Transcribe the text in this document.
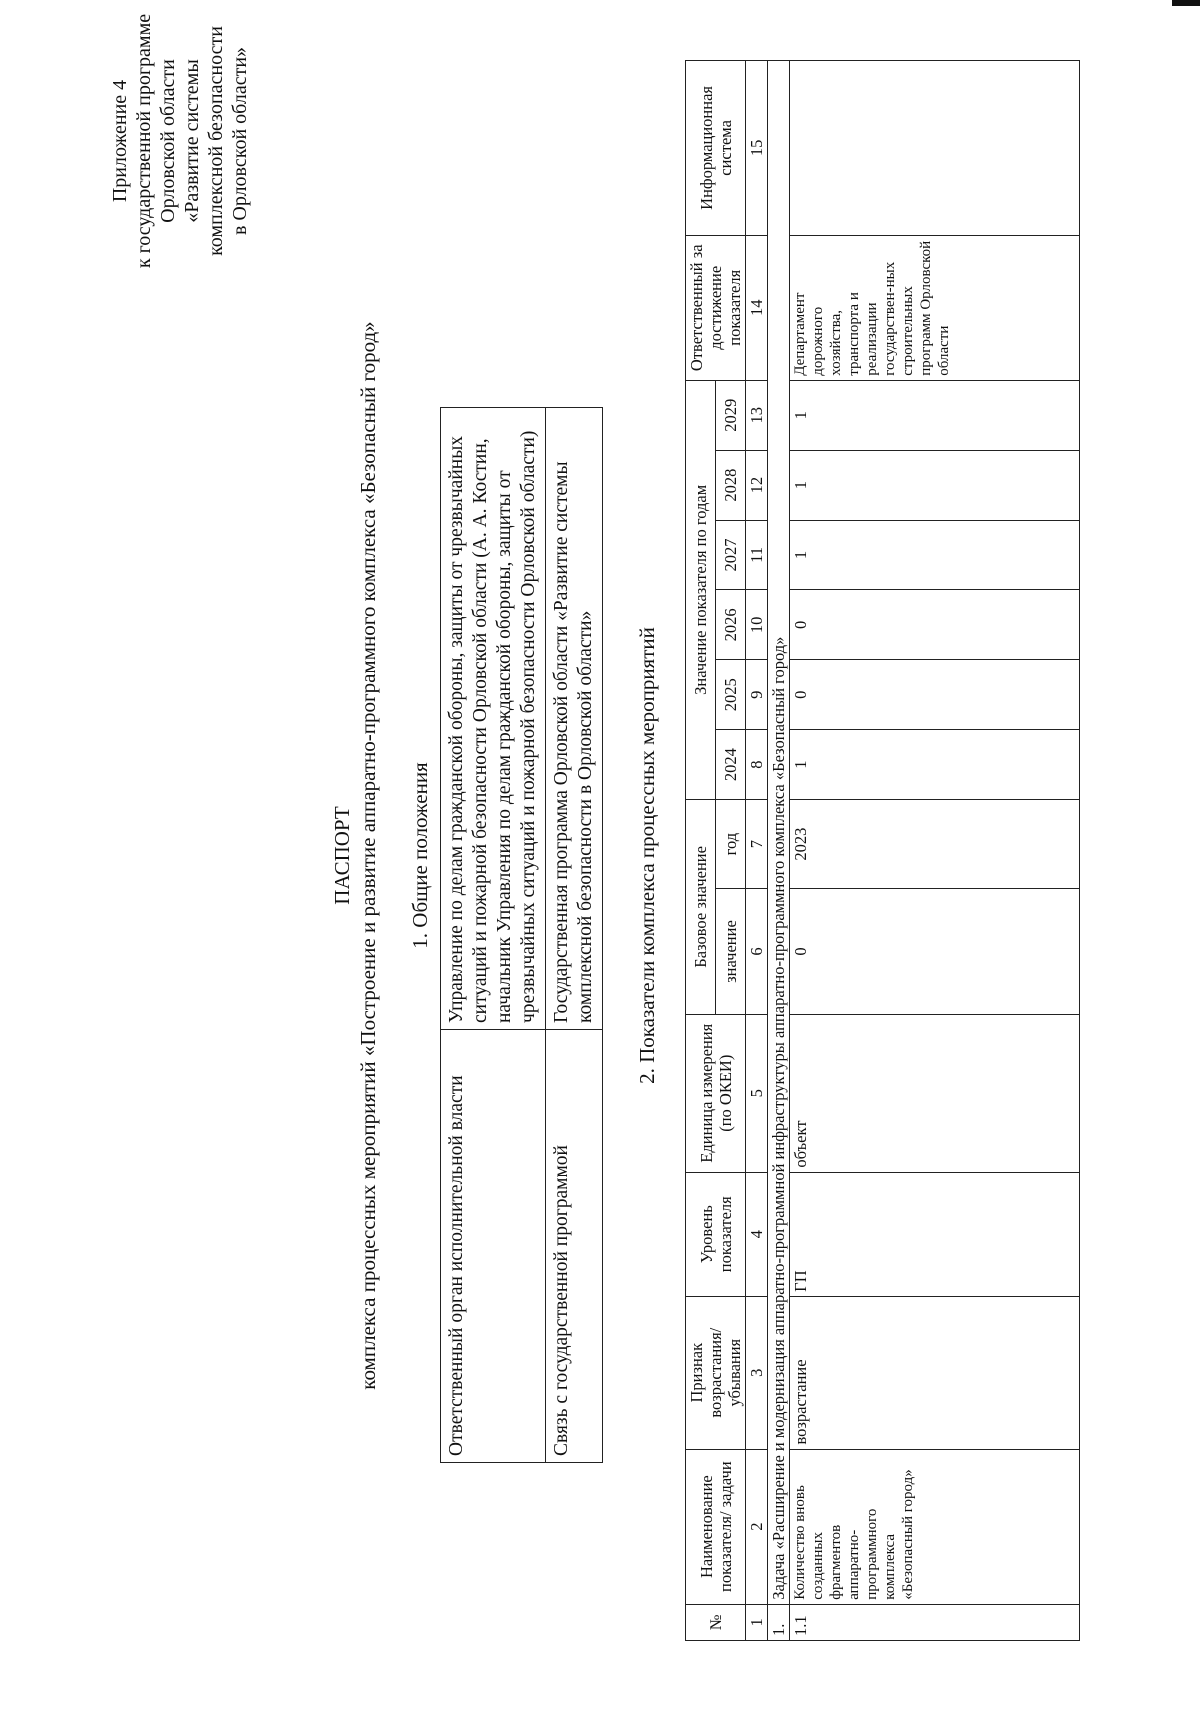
Приложение 4 к государственной программе Орловской области «Развитие системы комплексной безопасности в Орловской области»
ПАСПОРТ комплекса процессных мероприятий «Построение и развитие аппаратно-программного комплекса «Безопасный город» 1. Общие положения
Ответственный орган исполнительной власти	Управление по делам гражданской обороны, защиты от чрезвычайных ситуаций и пожарной безопасности Орловской области (А. А. Костин, начальник Управления по делам гражданской обороны, защиты от чрезвычайных ситуаций и пожарной безопасности Орловской области)
Связь с государственной программой	Государственная программа Орловской области «Развитие системы комплексной безопасности в Орловской области» 2. Показатели комплекса процессных мероприятий
№	Наименование показателя/ задачи	Признак возрастания/ убывания	Уровень показателя	Единица измерения (по ОКЕИ)	Базовое значение		Значение показателя по годам						Ответственный за достижение показателя	Информационная система
					значение	год	2024	2025	2026	2027	2028	2029		
1	2	3	4	5	6	7	8	9	10	11	12	13	14	15
1.	Задача «Расширение и модернизация аппаратно-программной инфраструктуры аппаратно-программного комплекса «Безопасный город»													
1.1	Количество вновь созданных фрагментов аппаратно-программного комплекса «Безопасный город»	возрастание	ГП	объект	0	2023	1	0	0	1	1	1	Департамент дорожного хозяйства, транспорта и реализации государствен-ных строительных программ Орловской области	
